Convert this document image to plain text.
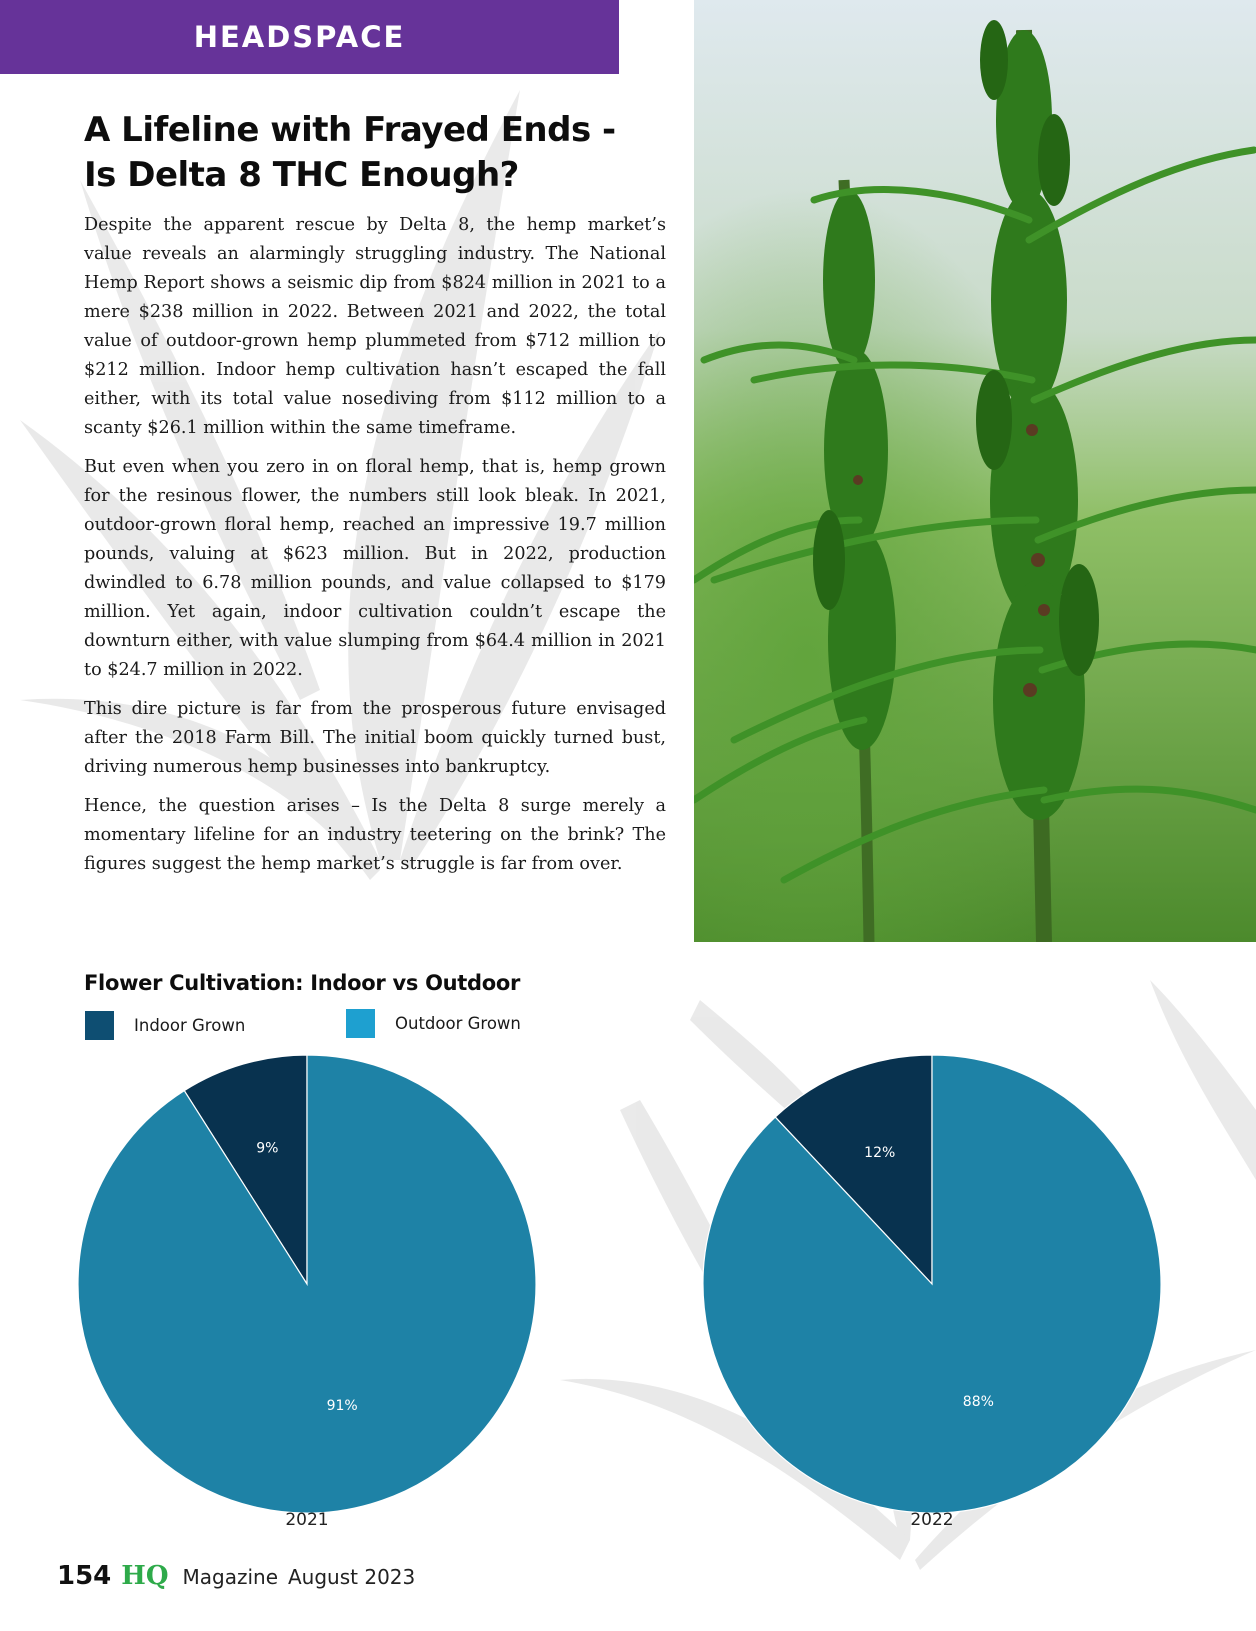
HEADSPACE
A Lifeline with Frayed Ends -
Is Delta 8 THC Enough?

Despite the apparent rescue by Delta 8, the hemp market’s value reveals an alarmingly struggling industry. The National Hemp Report shows a seismic dip from $824 million in 2021 to a mere $238 million in 2022. Between 2021 and 2022, the total value of outdoor-grown hemp plummeted from $712 million to $212 million. Indoor hemp cultivation hasn’t escaped the fall either, with its total value nosediving from $112 million to a scanty $26.1 million within the same timeframe.

But even when you zero in on floral hemp, that is, hemp grown for the resinous flower, the numbers still look bleak. In 2021, outdoor-grown floral hemp, reached an impressive 19.7 million pounds, valuing at $623 million. But in 2022, production dwindled to 6.78 million pounds, and value collapsed to $179 million. Yet again, indoor cultivation couldn’t escape the downturn either, with value slumping from $64.4 million in 2021 to $24.7 million in 2022.

This dire picture is far from the prosperous future envisaged after the 2018 Farm Bill. The initial boom quickly turned bust, driving numerous hemp businesses into bankruptcy.

Hence, the question arises – Is the Delta 8 surge merely a momentary lifeline for an industry teetering on the brink? The figures suggest the hemp market’s struggle is far from over.

Flower Cultivation: Indoor vs Outdoor
Indoor Grown	Outdoor Grown
9%
91%
2021
12%
88%
2022
154 HQ Magazine August 2023
